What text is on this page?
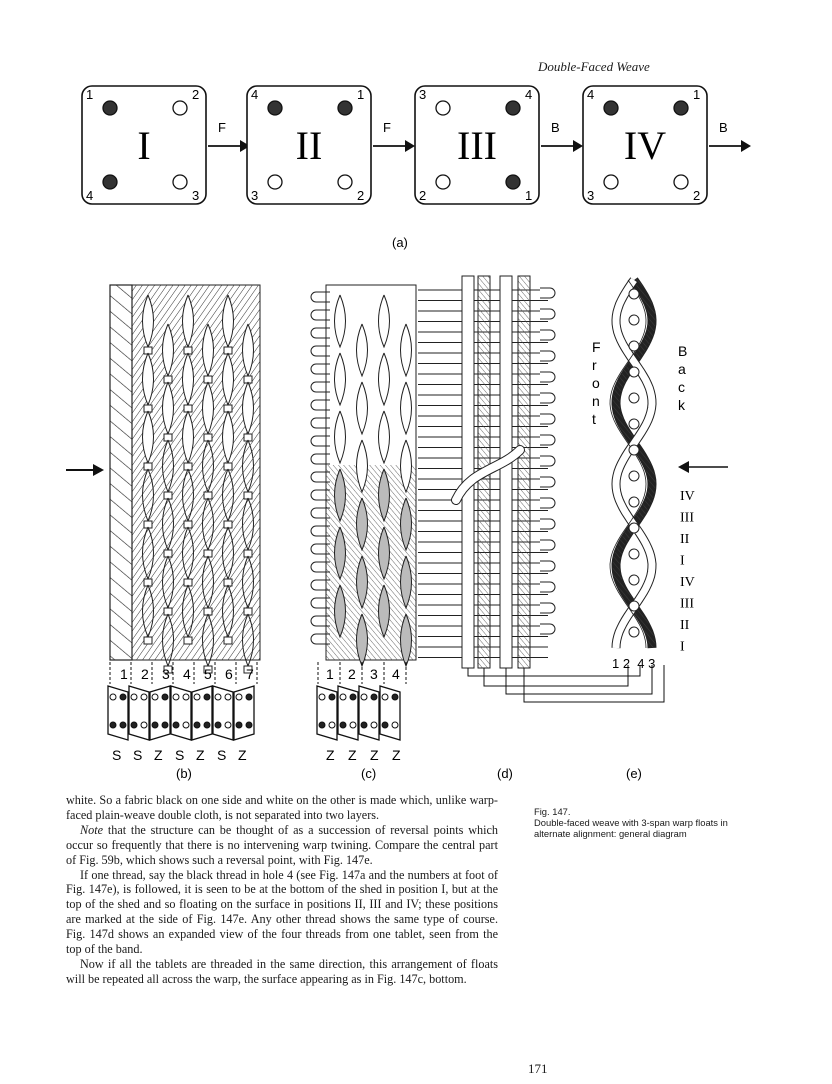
Double-Faced Weave
1	2
4	3
I	F
4	1
3	2
II	F
3	4
2	1
III	B
4	1
3	2
IV	B
(a)
1 2 3 4 5 6 7
S S Z S Z S Z
(b)
1 2 3 4
Z Z Z Z
(c)	(d)
F
r
o
n
t
B
a
c
k
IV
III
II
I
IV
III
II
I
1 2  4 3
(e)

white. So a fabric black on one side and white on the other is made which, unlike warp-faced plain-weave double cloth, is not separated into two layers.

Note that the structure can be thought of as a succession of reversal points which occur so frequently that there is no intervening warp twining. Compare the central part of Fig. 59b, which shows such a reversal point, with Fig. 147e.

If one thread, say the black thread in hole 4 (see Fig. 147a and the numbers at foot of Fig. 147e), is followed, it is seen to be at the bottom of the shed in position I, but at the top of the shed and so floating on the surface in positions II, III and IV; these positions are marked at the side of Fig. 147e. Any other thread shows the same type of course. Fig. 147d shows an expanded view of the four threads from one tablet, seen from the top of the band.

Now if all the tablets are threaded in the same direction, this arrangement of floats will be repeated all across the warp, the surface appearing as in Fig. 147c, bottom.

Fig. 147.
Double-faced weave with 3-span warp floats in alternate alignment: general diagram
171
